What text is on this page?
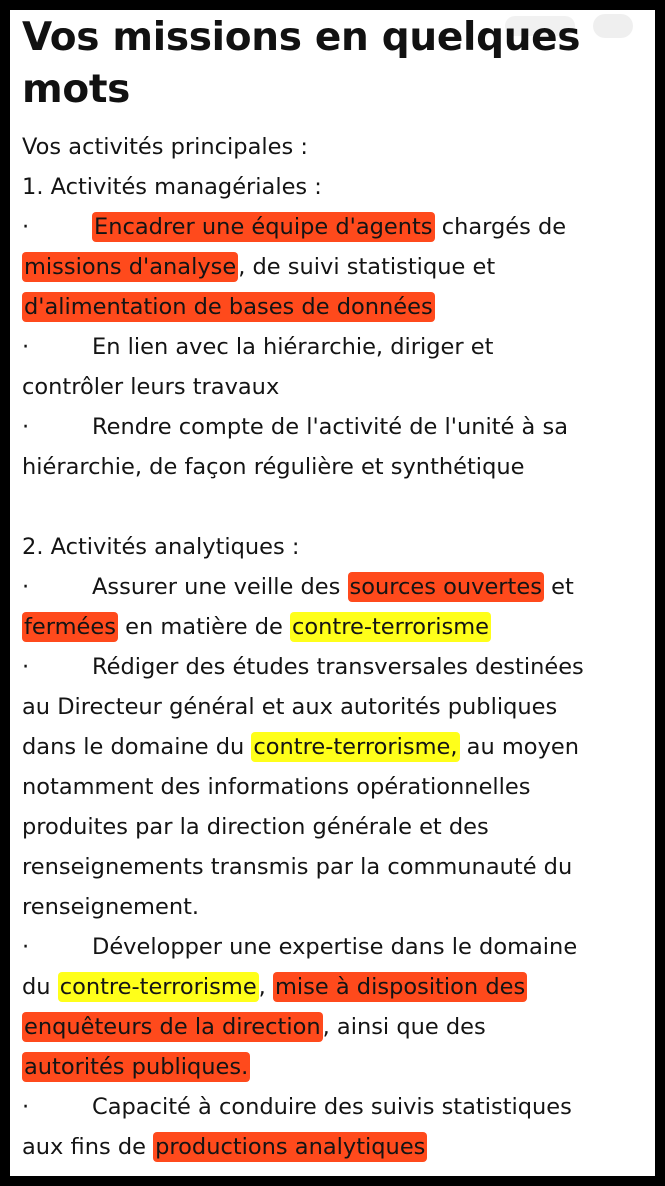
Vos missions en quelques
mots
Vos activités principales :
1. Activités managériales :
·Encadrer une équipe d'agents chargés de
missions d'analyse, de suivi statistique et
d'alimentation de bases de données
·En lien avec la hiérarchie, diriger et
contrôler leurs travaux
·Rendre compte de l'activité de l'unité à sa
hiérarchie, de façon régulière et synthétique
2. Activités analytiques :
·Assurer une veille des sources ouvertes et
fermées en matière de contre-terrorisme
·Rédiger des études transversales destinées
au Directeur général et aux autorités publiques
dans le domaine du contre-terrorisme, au moyen
notamment des informations opérationnelles
produites par la direction générale et des
renseignements transmis par la communauté du
renseignement.
·Développer une expertise dans le domaine
du contre-terrorisme, mise à disposition des
enquêteurs de la direction, ainsi que des
autorités publiques.
·Capacité à conduire des suivis statistiques
aux fins de productions analytiques
